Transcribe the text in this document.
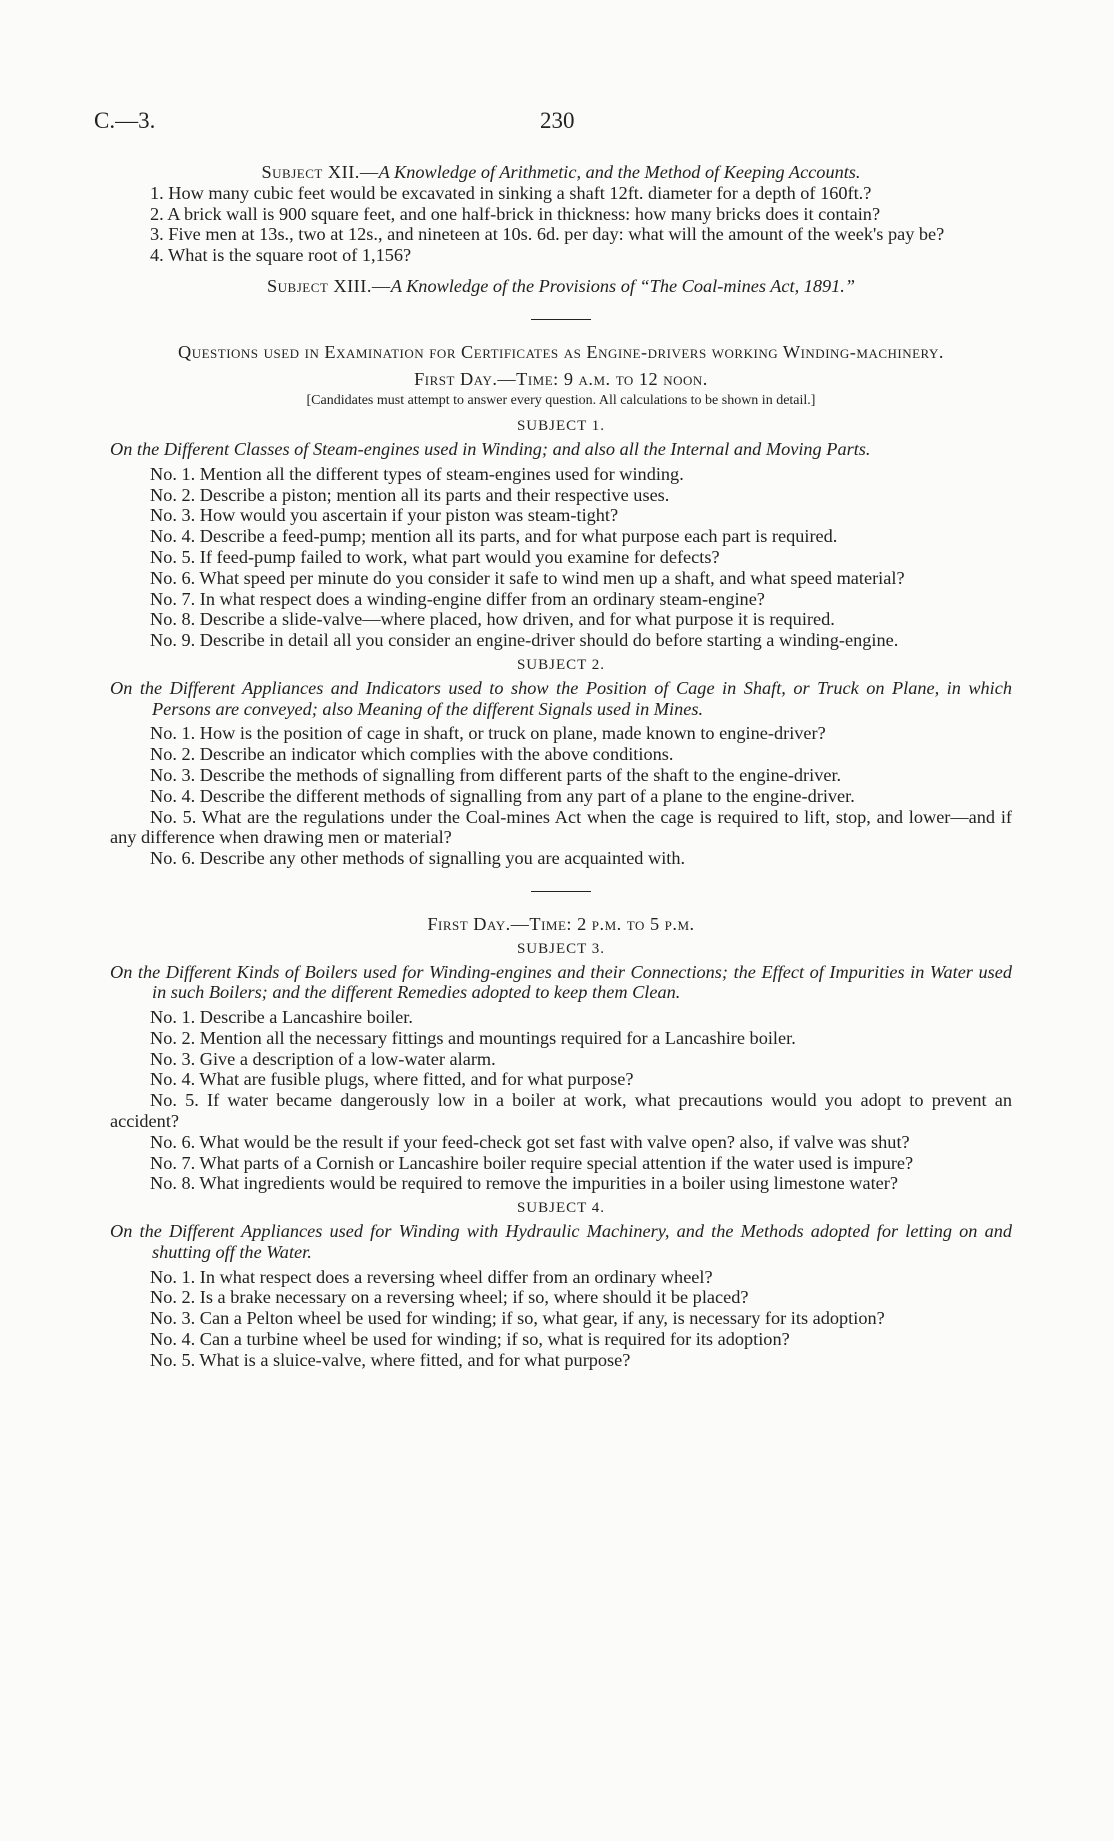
C.—3.	230
Subject XII.—A Knowledge of Arithmetic, and the Method of Keeping Accounts.

1. How many cubic feet would be excavated in sinking a shaft 12ft. diameter for a depth of 160ft.?

2. A brick wall is 900 square feet, and one half-brick in thickness: how many bricks does it contain?

3. Five men at 13s., two at 12s., and nineteen at 10s. 6d. per day: what will the amount of the week's pay be?

4. What is the square root of 1,156?

Subject XIII.—A Knowledge of the Provisions of “The Coal-mines Act, 1891.”
Questions used in Examination for Certificates as Engine-drivers working Winding-machinery.
First Day.—Time: 9 a.m. to 12 noon.
[Candidates must attempt to answer every question. All calculations to be shown in detail.]
SUBJECT 1.
On the Different Classes of Steam-engines used in Winding; and also all the Internal and Moving Parts.

No. 1. Mention all the different types of steam-engines used for winding.

No. 2. Describe a piston; mention all its parts and their respective uses.

No. 3. How would you ascertain if your piston was steam-tight?

No. 4. Describe a feed-pump; mention all its parts, and for what purpose each part is required.

No. 5. If feed-pump failed to work, what part would you examine for defects?

No. 6. What speed per minute do you consider it safe to wind men up a shaft, and what speed material?

No. 7. In what respect does a winding-engine differ from an ordinary steam-engine?

No. 8. Describe a slide-valve—where placed, how driven, and for what purpose it is required.

No. 9. Describe in detail all you consider an engine-driver should do before starting a winding-engine.

SUBJECT 2.
On the Different Appliances and Indicators used to show the Position of Cage in Shaft, or Truck on Plane, in which Persons are conveyed; also Meaning of the different Signals used in Mines.

No. 1. How is the position of cage in shaft, or truck on plane, made known to engine-driver?

No. 2. Describe an indicator which complies with the above conditions.

No. 3. Describe the methods of signalling from different parts of the shaft to the engine-driver.

No. 4. Describe the different methods of signalling from any part of a plane to the engine-driver.

No. 5. What are the regulations under the Coal-mines Act when the cage is required to lift, stop, and lower—and if any difference when drawing men or material?

No. 6. Describe any other methods of signalling you are acquainted with.

First Day.—Time: 2 p.m. to 5 p.m.
SUBJECT 3.
On the Different Kinds of Boilers used for Winding-engines and their Connections; the Effect of Impurities in Water used in such Boilers; and the different Remedies adopted to keep them Clean.

No. 1. Describe a Lancashire boiler.

No. 2. Mention all the necessary fittings and mountings required for a Lancashire boiler.

No. 3. Give a description of a low-water alarm.

No. 4. What are fusible plugs, where fitted, and for what purpose?

No. 5. If water became dangerously low in a boiler at work, what precautions would you adopt to prevent an accident?

No. 6. What would be the result if your feed-check got set fast with valve open? also, if valve was shut?

No. 7. What parts of a Cornish or Lancashire boiler require special attention if the water used is impure?

No. 8. What ingredients would be required to remove the impurities in a boiler using limestone water?

SUBJECT 4.
On the Different Appliances used for Winding with Hydraulic Machinery, and the Methods adopted for letting on and shutting off the Water.

No. 1. In what respect does a reversing wheel differ from an ordinary wheel?

No. 2. Is a brake necessary on a reversing wheel; if so, where should it be placed?

No. 3. Can a Pelton wheel be used for winding; if so, what gear, if any, is necessary for its adoption?

No. 4. Can a turbine wheel be used for winding; if so, what is required for its adoption?

No. 5. What is a sluice-valve, where fitted, and for what purpose?
